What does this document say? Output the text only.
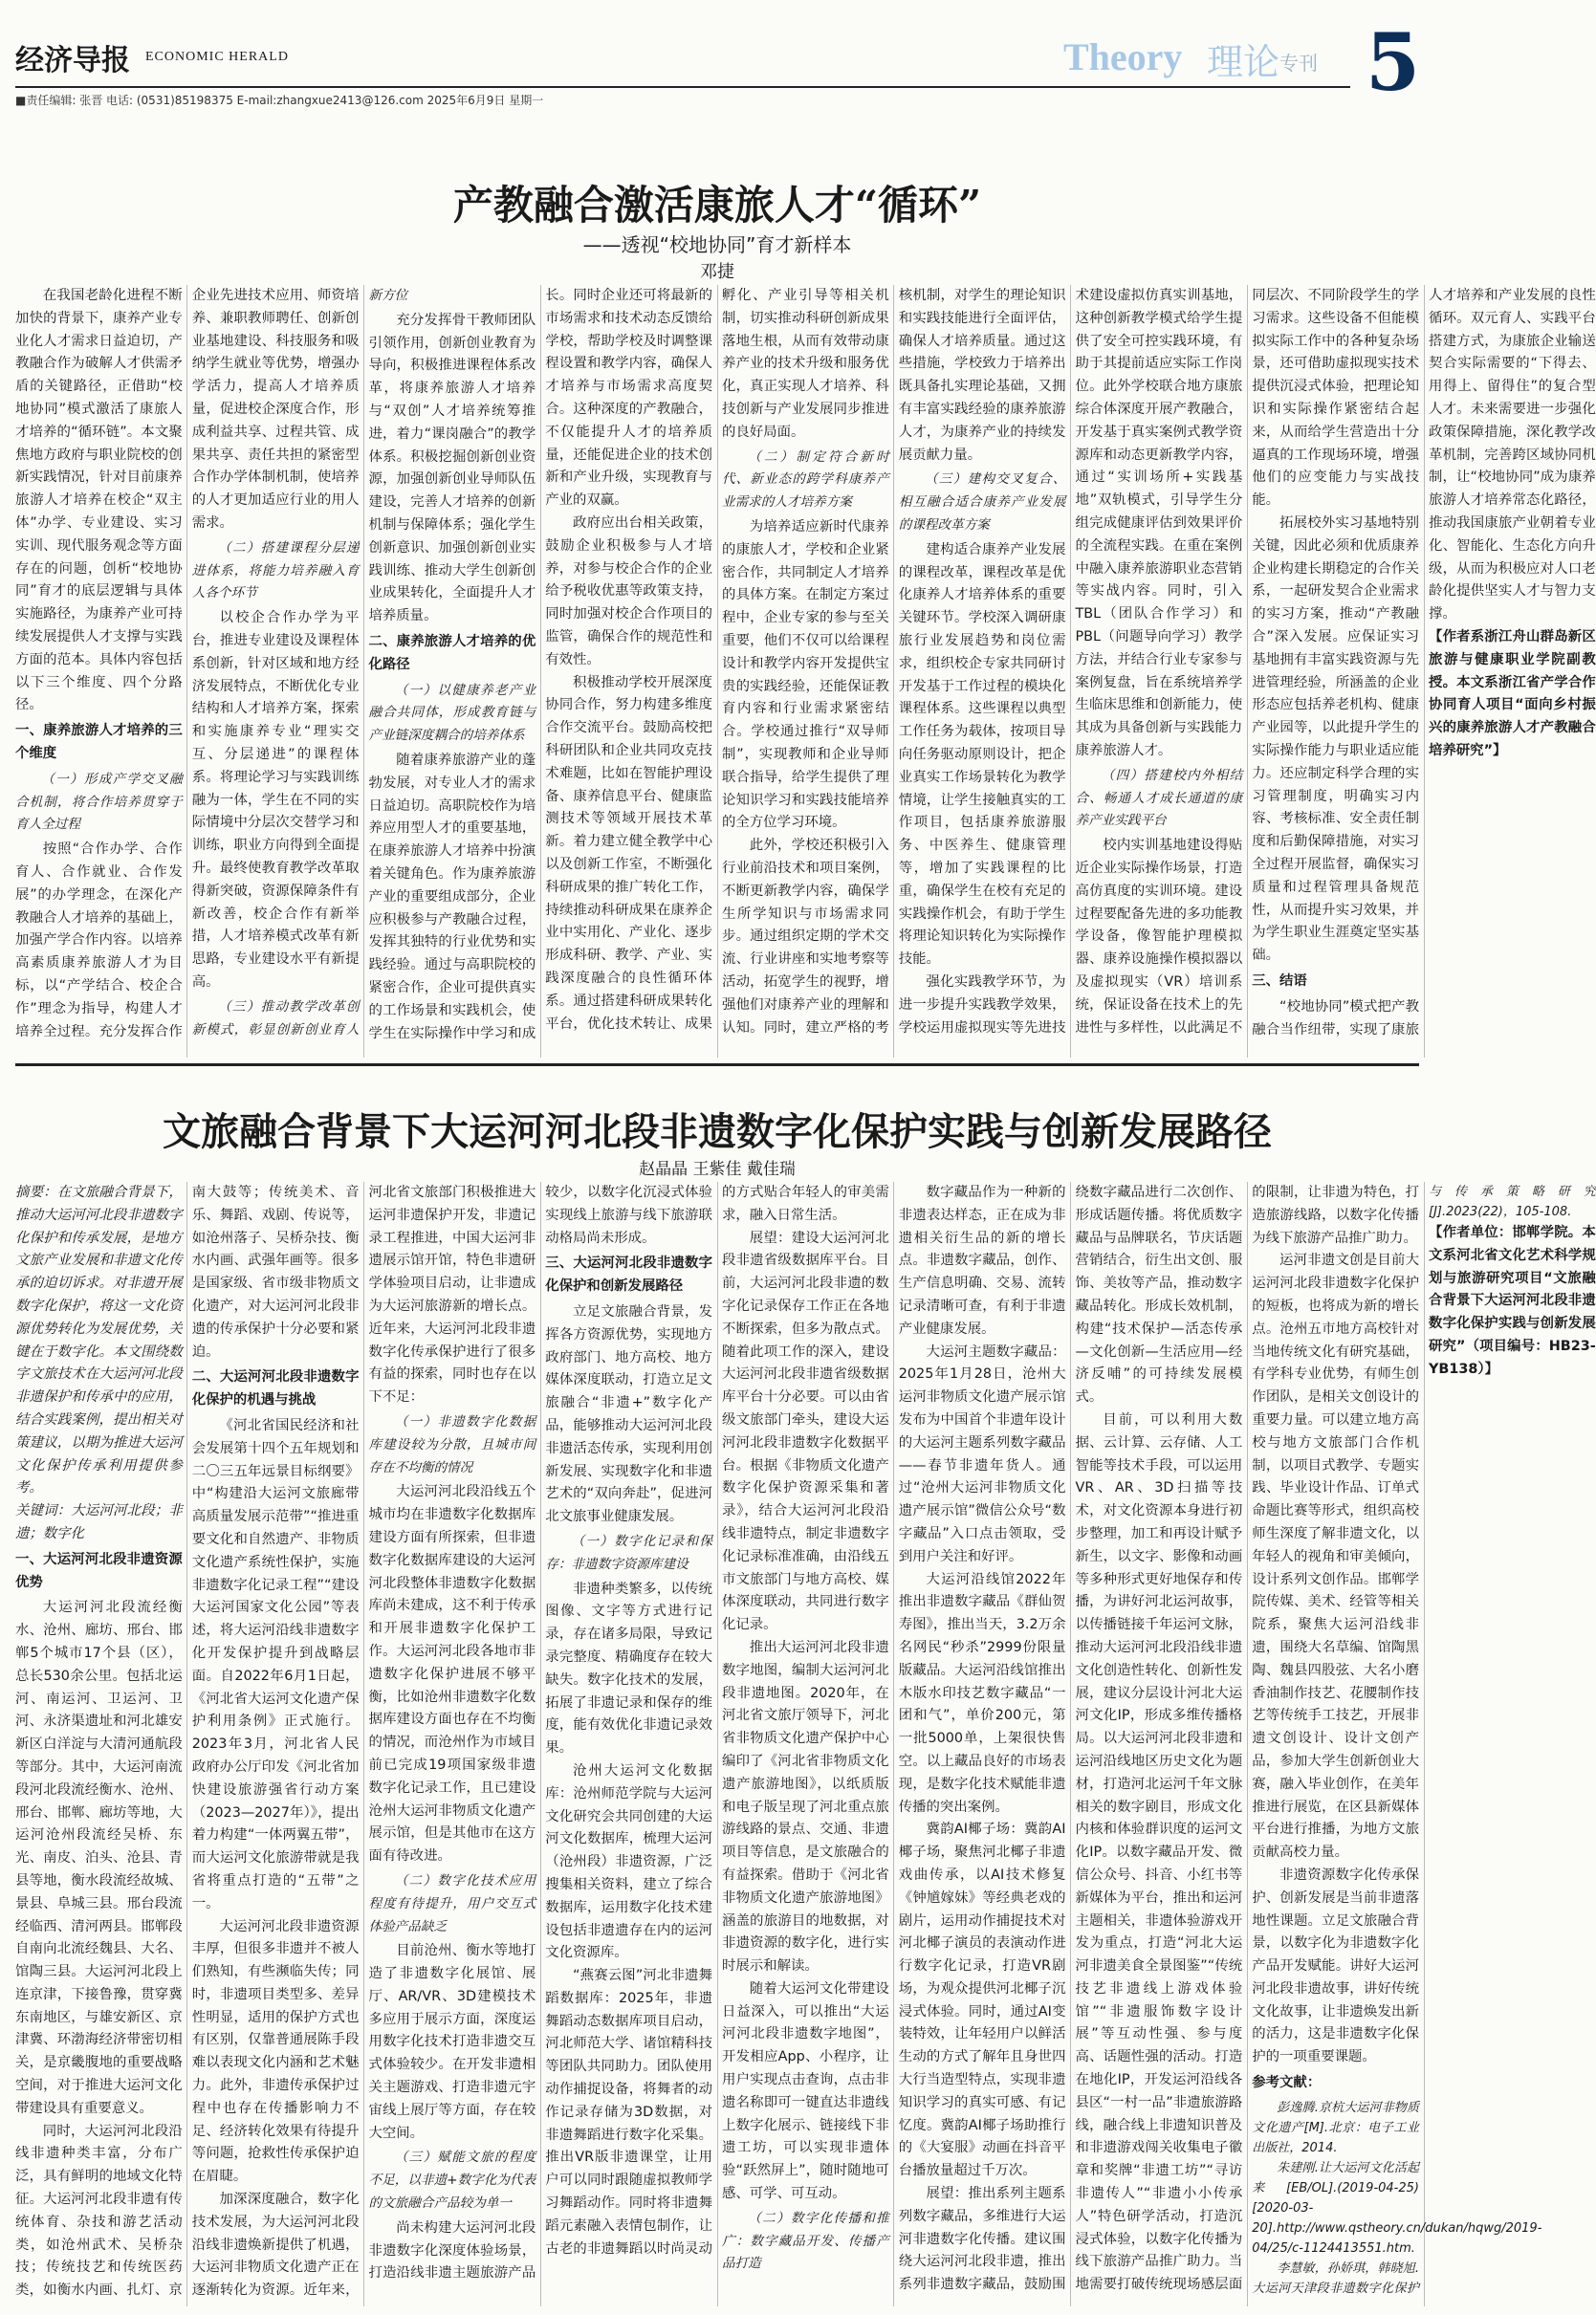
经济导报 ECONOMIC HERALD	Theory 理论 专刊 5
■责任编辑: 张晋 电话: (0531)85198375 E-mail:zhangxue2413@126.com 2025年6月9日 星期一
产教融合激活康旅人才“循环”
——透视“校地协同”育才新样本
邓捷

在我国老龄化进程不断加快的背景下，康养产业专业化人才需求日益迫切，产教融合作为破解人才供需矛盾的关键路径，正借助“校地协同”模式激活了康旅人才培养的“循环链”。本文聚焦地方政府与职业院校的创新实践情况，针对目前康养旅游人才培养在校企“双主体”办学、专业建设、实习实训、现代服务观念等方面存在的问题，创析“校地协同”育才的底层逻辑与具体实施路径，为康养产业可持续发展提供人才支撑与实践方面的范本。具体内容包括以下三个维度、四个分路径。

一、康养旅游人才培养的三个维度
（一）形成产学交叉融合机制，将合作培养贯穿于育人全过程

按照“合作办学、合作育人、合作就业、合作发展”的办学理念，在深化产教融合人才培养的基础上，加强产学合作内容。以培养高素质康养旅游人才为目标，以“产学结合、校企合作”理念为指导，构建人才培养全过程。充分发挥合作企业先进技术应用、师资培养、兼职教师聘任、创新创业基地建设、科技服务和吸纳学生就业等优势，增强办学活力，提高人才培养质量，促进校企深度合作，形成利益共享、过程共管、成果共享、责任共担的紧密型合作办学体制机制，使培养的人才更加适应行业的用人需求。

（二）搭建课程分层递进体系，将能力培养融入育人各个环节

以校企合作办学为平台，推进专业建设及课程体系创新，针对区域和地方经济发展特点，不断优化专业结构和人才培养方案，探索和实施康养专业“理实交互、分层递进”的课程体系。将理论学习与实践训练融为一体，学生在不同的实际情境中分层次交替学习和训练，职业方向得到全面提升。最终使教育教学改革取得新突破，资源保障条件有新改善，校企合作有新举措，人才培养模式改革有新思路，专业建设水平有新提高。

（三）推动教学改革创新模式，彰显创新创业育人新方位

充分发挥骨干教师团队引领作用，创新创业教育为导向，积极推进课程体系改革，将康养旅游人才培养与“双创”人才培养统筹推进，着力“课岗融合”的教学体系。积极挖掘创新创业资源，加强创新创业导师队伍建设，完善人才培养的创新机制与保障体系；强化学生创新意识、加强创新创业实践训练、推动大学生创新创业成果转化，全面提升人才培养质量。

二、康养旅游人才培养的优化路径
（一）以健康养老产业融合共同体，形成教育链与产业链深度耦合的培养体系

随着康养旅游产业的蓬勃发展，对专业人才的需求日益迫切。高职院校作为培养应用型人才的重要基地，在康养旅游人才培养中扮演着关键角色。作为康养旅游产业的重要组成部分，企业应积极参与产教融合过程，发挥其独特的行业优势和实践经验。通过与高职院校的紧密合作，企业可提供真实的工作场景和实践机会，使学生在实际操作中学习和成长。同时企业还可将最新的市场需求和技术动态反馈给学校，帮助学校及时调整课程设置和教学内容，确保人才培养与市场需求高度契合。这种深度的产教融合，不仅能提升人才的培养质量，还能促进企业的技术创新和产业升级，实现教育与产业的双赢。

政府应出台相关政策，鼓励企业积极参与人才培养，对参与校企合作的企业给予税收优惠等政策支持，同时加强对校企合作项目的监管，确保合作的规范性和有效性。

积极推动学校开展深度协同合作，努力构建多维度合作交流平台。鼓励高校把科研团队和企业共同攻克技术难题，比如在智能护理设备、康养信息平台、健康监测技术等领域开展技术革新。着力建立健全教学中心以及创新工作室，不断强化科研成果的推广转化工作，持续推动科研成果在康养企业中实用化、产业化、逐步形成科研、教学、产业、实践深度融合的良性循环体系。通过搭建科研成果转化平台，优化技术转让、成果孵化、产业引导等相关机制，切实推动科研创新成果落地生根，从而有效带动康养产业的技术升级和服务优化，真正实现人才培养、科技创新与产业发展同步推进的良好局面。

（二）制定符合新时代、新业态的跨学科康养产业需求的人才培养方案

为培养适应新时代康养的康旅人才，学校和企业紧密合作，共同制定人才培养的具体方案。在制定方案过程中，企业专家的参与至关重要，他们不仅可以给课程设计和教学内容开发提供宝贵的实践经验，还能保证教育内容和行业需求紧密结合。学校通过推行“双导师制”，实现教师和企业导师联合指导，给学生提供了理论知识学习和实践技能培养的全方位学习环境。

此外，学校还积极引入行业前沿技术和项目案例，不断更新教学内容，确保学生所学知识与市场需求同步。通过组织定期的学术交流、行业讲座和实地考察等活动，拓宽学生的视野，增强他们对康养产业的理解和认知。同时，建立严格的考核机制，对学生的理论知识和实践技能进行全面评估，确保人才培养质量。通过这些措施，学校致力于培养出既具备扎实理论基础，又拥有丰富实践经验的康养旅游人才，为康养产业的持续发展贡献力量。

（三）建构交叉复合、相互融合适合康养产业发展的课程改革方案

建构适合康养产业发展的课程改革，课程改革是优化康养人才培养体系的重要关键环节。学校深入调研康旅行业发展趋势和岗位需求，组织校企专家共同研讨开发基于工作过程的模块化课程体系。这些课程以典型工作任务为载体，按项目导向任务驱动原则设计，把企业真实工作场景转化为教学情境，让学生接触真实的工作项目，包括康养旅游服务、中医养生、健康管理等，增加了实践课程的比重，确保学生在校有充足的实践操作机会，有助于学生将理论知识转化为实际操作技能。

强化实践教学环节，为进一步提升实践教学效果，学校运用虚拟现实等先进技术建设虚拟仿真实训基地，这种创新教学模式给学生提供了安全可控实践环境，有助于其提前适应实际工作岗位。此外学校联合地方康旅综合体深度开展产教融合，开发基于真实案例式教学资源库和动态更新教学内容，通过“实训场所+实践基地”双轨模式，引导学生分组完成健康评估到效果评价的全流程实践。在重在案例中融入康养旅游职业态营销等实战内容。同时，引入TBL（团队合作学习）和PBL（问题导向学习）教学方法，并结合行业专家参与案例复盘，旨在系统培养学生临床思维和创新能力，使其成为具备创新与实践能力康养旅游人才。

（四）搭建校内外相结合、畅通人才成长通道的康养产业实践平台

校内实训基地建设得贴近企业实际操作场景，打造高仿真度的实训环境。建设过程要配备先进的多功能教学设备，像智能护理模拟器、康养设施操作模拟器以及虚拟现实（VR）培训系统，保证设备在技术上的先进性与多样性，以此满足不同层次、不同阶段学生的学习需求。这些设备不但能模拟实际工作中的各种复杂场景，还可借助虚拟现实技术提供沉浸式体验，把理论知识和实际操作紧密结合起来，从而给学生营造出十分逼真的工作现场环境，增强他们的应变能力与实战技能。

拓展校外实习基地特别关键，因此必须和优质康养企业构建长期稳定的合作关系，一起研发契合企业需求的实习方案，推动“产教融合”深入发展。应保证实习基地拥有丰富实践资源与先进管理经验，所涵盖的企业形态应包括养老机构、健康产业园等，以此提升学生的实际操作能力与职业适应能力。还应制定科学合理的实习管理制度，明确实习内容、考核标准、安全责任制度和后勤保障措施，对实习全过程开展监督，确保实习质量和过程管理具备规范性，从而提升实习效果，并为学生职业生涯奠定坚实基础。

三、结语

“校地协同”模式把产教融合当作纽带，实现了康旅人才培养和产业发展的良性循环。双元育人、实践平台搭建方式，为康旅企业输送契合实际需要的“下得去、用得上、留得住”的复合型人才。未来需要进一步强化政策保障措施，深化教学改革机制，完善跨区域协同机制，让“校地协同”成为康养旅游人才培养常态化路径，推动我国康旅产业朝着专业化、智能化、生态化方向升级，从而为积极应对人口老龄化提供坚实人才与智力支撑。

【作者系浙江舟山群岛新区旅游与健康职业学院副教授。本文系浙江省产学合作协同育人项目“面向乡村振兴的康养旅游人才产教融合培养研究”】

文旅融合背景下大运河河北段非遗数字化保护实践与创新发展路径
赵晶晶 王紫佳 戴佳瑞

摘要：在文旅融合背景下，推动大运河河北段非遗数字化保护和传承发展，是地方文旅产业发展和非遗文化传承的迫切诉求。对非遗开展数字化保护，将这一文化资源优势转化为发展优势，关键在于数字化。本文围绕数字文旅技术在大运河河北段非遗保护和传承中的应用，结合实践案例，提出相关对策建议，以期为推进大运河文化保护传承利用提供参考。

关键词：大运河河北段；非遗；数字化

一、大运河河北段非遗资源优势

大运河河北段流经衡水、沧州、廊坊、邢台、邯郸5个城市17个县（区），总长530余公里。包括北运河、南运河、卫运河、卫河、永济渠遗址和河北雄安新区白洋淀与大清河通航段等部分。其中，大运河南流段河北段流经衡水、沧州、邢台、邯郸、廊坊等地，大运河沧州段流经吴桥、东光、南皮、泊头、沧县、青县等地，衡水段流经故城、景县、阜城三县。邢台段流经临西、清河两县。邯郸段自南向北流经魏县、大名、馆陶三县。大运河河北段上连京津，下接鲁豫，贯穿冀东南地区，与雄安新区、京津冀、环渤海经济带密切相关，是京畿腹地的重要战略空间，对于推进大运河文化带建设具有重要意义。

同时，大运河河北段沿线非遗种类丰富，分布广泛，具有鲜明的地域文化特征。大运河河北段非遗有传统体育、杂技和游艺活动类，如沧州武术、吴桥杂技；传统技艺和传统医药类，如衡水内画、扎灯、京南大鼓等；传统美术、音乐、舞蹈、戏剧、传说等，如沧州落子、吴桥杂技、衡水内画、武强年画等。很多是国家级、省市级非物质文化遗产，对大运河河北段非遗的传承保护十分必要和紧迫。

二、大运河河北段非遗数字化保护的机遇与挑战

《河北省国民经济和社会发展第十四个五年规划和二〇三五年远景目标纲要》中“构建沿大运河文旅廊带高质量发展示范带”“推进重要文化和自然遗产、非物质文化遗产系统性保护，实施非遗数字化记录工程”“建设大运河国家文化公园”等表述，将大运河沿线非遗数字化开发保护提升到战略层面。自2022年6月1日起，《河北省大运河文化遗产保护利用条例》正式施行。2023年3月，河北省人民政府办公厅印发《河北省加快建设旅游强省行动方案（2023—2027年）》，提出着力构建“一体两翼五带”，而大运河文化旅游带就是我省将重点打造的“五带”之一。

大运河河北段非遗资源丰厚，但很多非遗并不被人们熟知，有些濒临失传；同时，非遗项目类型多、差异性明显，适用的保护方式也有区别，仅靠普通展陈手段难以表现文化内涵和艺术魅力。此外，非遗传承保护过程中也存在传播影响力不足、经济转化效果有待提升等问题，抢救性传承保护迫在眉睫。

加深深度融合，数字化技术发展，为大运河河北段沿线非遗焕新提供了机遇，大运河非物质文化遗产正在逐渐转化为资源。近年来，河北省文旅部门积极推进大运河非遗保护开发，非遗记录工程推进，中国大运河非遗展示馆开馆，特色非遗研学体验项目启动，让非遗成为大运河旅游新的增长点。近年来，大运河河北段非遗数字化传承保护进行了很多有益的探索，同时也存在以下不足：

（一）非遗数字化数据库建设较为分散，且城市间存在不均衡的情况

大运河河北段沿线五个城市均在非遗数字化数据库建设方面有所探索，但非遗数字化数据库建设的大运河河北段整体非遗数字化数据库尚未建成，这不利于传承和开展非遗数字化保护工作。大运河河北段各地市非遗数字化保护进展不够平衡，比如沧州非遗数字化数据库建设方面也存在不均衡的情况，而沧州作为市域目前已完成19项国家级非遗数字化记录工作，且已建设沧州大运河非物质文化遗产展示馆，但是其他市在这方面有待改进。

（二）数字化技术应用程度有待提升，用户交互式体验产品缺乏

目前沧州、衡水等地打造了非遗数字化展馆、展厅、AR/VR、3D建模技术多应用于展示方面，深度运用数字化技术打造非遗交互式体验较少。在开发非遗相关主题游戏、打造非遗元宇宙线上展厅等方面，存在较大空间。

（三）赋能文旅的程度不足，以非遗+数字化为代表的文旅融合产品较为单一

尚未构建大运河河北段非遗数字化深度体验场景，打造沿线非遗主题旅游产品较少，以数字化沉浸式体验实现线上旅游与线下旅游联动格局尚未形成。

三、大运河河北段非遗数字化保护和创新发展路径

立足文旅融合背景，发挥各方资源优势，实现地方政府部门、地方高校、地方媒体深度联动，打造立足文旅融合“非遗+”数字化产品，能够推动大运河河北段非遗活态传承，实现利用创新发展、实现数字化和非遗艺术的“双向奔赴”，促进河北文旅事业健康发展。

（一）数字化记录和保存：非遗数字资源库建设

非遗种类繁多，以传统图像、文字等方式进行记录，存在诸多局限，导致记录完整度、精确度存在较大缺失。数字化技术的发展，拓展了非遗记录和保存的维度，能有效优化非遗记录效果。

沧州大运河文化数据库：沧州师范学院与大运河文化研究会共同创建的大运河文化数据库，梳理大运河（沧州段）非遗资源，广泛搜集相关资料，建立了综合数据库，运用数字化技术建设包括非遗遗存在内的运河文化资源库。

“燕赛云图”河北非遗舞蹈数据库：2025年，非遗舞蹈动态数据库项目启动，河北师范大学、诸馆精科技等团队共同助力。团队使用动作捕捉设备，将舞者的动作记录存储为3D数据，对非遗舞蹈进行数字化采集。推出VR版非遗课堂，让用户可以同时跟随虚拟教师学习舞蹈动作。同时将非遗舞蹈元素融入表情包制作，让古老的非遗舞蹈以时尚灵动的方式贴合年轻人的审美需求，融入日常生活。

展望：建设大运河河北段非遗省级数据库平台。目前，大运河河北段非遗的数字化记录保存工作正在各地不断探索，但多为散点式。随着此项工作的深入，建设大运河河北段非遗省级数据库平台十分必要。可以由省级文旅部门牵头，建设大运河河北段非遗数字化数据平台。根据《非物质文化遗产数字化保护资源采集和著录》，结合大运河河北段沿线非遗特点，制定非遗数字化记录标准准确，由沿线五市文旅部门与地方高校、媒体深度联动，共同进行数字化记录。

推出大运河河北段非遗数字地图，编制大运河河北段非遗地图。2020年，在河北省文旅厅领导下，河北省非物质文化遗产保护中心编印了《河北省非物质文化遗产旅游地图》，以纸质版和电子版呈现了河北重点旅游线路的景点、交通、非遗项目等信息，是文旅融合的有益探索。借助于《河北省非物质文化遗产旅游地图》涵盖的旅游目的地数据，对非遗资源的数字化，进行实时展示和解读。

随着大运河文化带建设日益深入，可以推出“大运河河北段非遗数字地图”，开发相应App、小程序，让用户实现点击查询，点击非遗名称即可一键直达非遗线上数字化展示、链接线下非遗工坊，可以实现非遗体验“跃然屏上”，随时随地可感、可学、可互动。

（二）数字化传播和推广：数字藏品开发、传播产品打造

数字藏品作为一种新的非遗表达样态，正在成为非遗相关衍生品的新的增长点。非遗数字藏品，创作、生产信息明确、交易、流转记录清晰可查，有利于非遗产业健康发展。

大运河主题数字藏品：2025年1月28日，沧州大运河非物质文化遗产展示馆发布为中国首个非遗年设计的大运河主题系列数字藏品——春节非遗年货人。通过“沧州大运河非物质文化遗产展示馆”微信公众号“数字藏品”入口点击领取，受到用户关注和好评。

大运河沿线馆2022年推出非遗数字藏品《群仙贺寿图》，推出当天，3.2万余名网民“秒杀”2999份限量版藏品。大运河沿线馆推出木版水印技艺数字藏品“一团和气”，单价200元，第一批5000单，上架很快售空。以上藏品良好的市场表现，是数字化技术赋能非遗传播的突出案例。

冀韵AI椰子场：冀韵AI椰子场，聚焦河北椰子非遗戏曲传承，以AI技术修复《钟馗嫁妹》等经典老戏的剧片，运用动作捕捉技术对河北椰子演员的表演动作进行数字化记录，打造VR剧场，为观众提供河北椰子沉浸式体验。同时，通过AI变装特效，让年轻用户以鲜活生动的方式了解年且身世四大行当造型特点，实现非遗知识学习的真实可感、有记忆度。冀韵AI椰子场助推行的《大宴服》动画在抖音平台播放量超过千万次。

展望：推出系列主题系列数字藏品，多维进行大运河非遗数字化传播。建议围绕大运河河北段非遗，推出系列非遗数字藏品，鼓励围绕数字藏品进行二次创作、形成话题传播。将优质数字藏品与品牌联名，节庆话题营销结合，衍生出文创、服饰、美妆等产品，推动数字藏品转化。形成长效机制，构建“技术保护—活态传承—文化创新—生活应用—经济反哺”的可持续发展模式。

目前，可以利用大数据、云计算、云存储、人工智能等技术手段，可以运用VR、AR、3D扫描等技术，对文化资源本身进行初步整理，加工和再设计赋予新生，以文字、影像和动画等多种形式更好地保存和传播，为讲好河北运河故事，以传播链接千年运河文脉，推动大运河河北段沿线非遗文化创造性转化、创新性发展，建议分层设计河北大运河文化IP，形成多维传播格局。以大运河河北段非遗和运河沿线地区历史文化为题材，打造河北运河千年文脉相关的数字剧目，形成文化内核和体验群识度的运河文化IP。以数字藏品开发、微信公众号、抖音、小红书等新媒体为平台，推出和运河主题相关，非遗体验游戏开发为重点，打造“河北大运河非遗美食全景图鉴”“传统技艺非遗线上游戏体验馆”“非遗服饰数字设计展”等互动性强、参与度高、话题性强的活动。打造在地化IP，开发运河沿线各县区“一村一品”非遗旅游路线，融合线上非遗知识普及和非遗游戏闯关收集电子徽章和奖牌“非遗工坊”“寻访非遗传人”“非遗小小传承人”特色研学活动，打造沉浸式体验，以数字化传播为线下旅游产品推广助力。当地需要打破传统现场感层面的限制，让非遗为特色，打造旅游线路，以数字化传播为线下旅游产品推广助力。

运河非遗文创是目前大运河河北段非遗数字化保护的短板，也将成为新的增长点。沧州五市地方高校针对当地传统文化有研究基础，有学科专业优势，有师生创作团队，是相关文创设计的重要力量。可以建立地方高校与地方文旅部门合作机制，以项目式教学、专题实践、毕业设计作品、订单式命题比赛等形式，组织高校师生深度了解非遗文化，以年轻人的视角和审美倾向，设计系列文创作品。邯郸学院传媒、美术、经管等相关院系，聚焦大运河沿线非遗，围绕大名草编、馆陶黑陶、魏县四股弦、大名小磨香油制作技艺、花腰制作技艺等传统手工技艺，开展非遗文创设计、设计文创产品，参加大学生创新创业大赛，融入毕业创作，在美年推进行展览，在区县新媒体平台进行推播，为地方文旅贡献高校力量。

非遗资源数字化传承保护、创新发展是当前非遗落地性课题。立足文旅融合背景，以数字化为非遗数字化产品开发赋能。讲好大运河河北段非遗故事，讲好传统文化故事，让非遗焕发出新的活力，这是非遗数字化保护的一项重要课题。

参考文献：

彭逸腾.京杭大运河非物质文化遗产[M].北京：电子工业出版社，2014.

朱建刚.让大运河文化活起来[EB/OL].(2019-04-25)[2020-03-20].http://www.qstheory.cn/dukan/hqwg/2019-04/25/c-1124413551.htm.

李慧敏，孙娇琪，韩晓旭.大运河天津段非遗数字化保护与传承策略研究[J].2023(22)，105-108.

【作者单位：邯郸学院。本文系河北省文化艺术科学规划与旅游研究项目“文旅融合背景下大运河河北段非遗数字化保护实践与创新发展研究”（项目编号：HB23-YB138）】
